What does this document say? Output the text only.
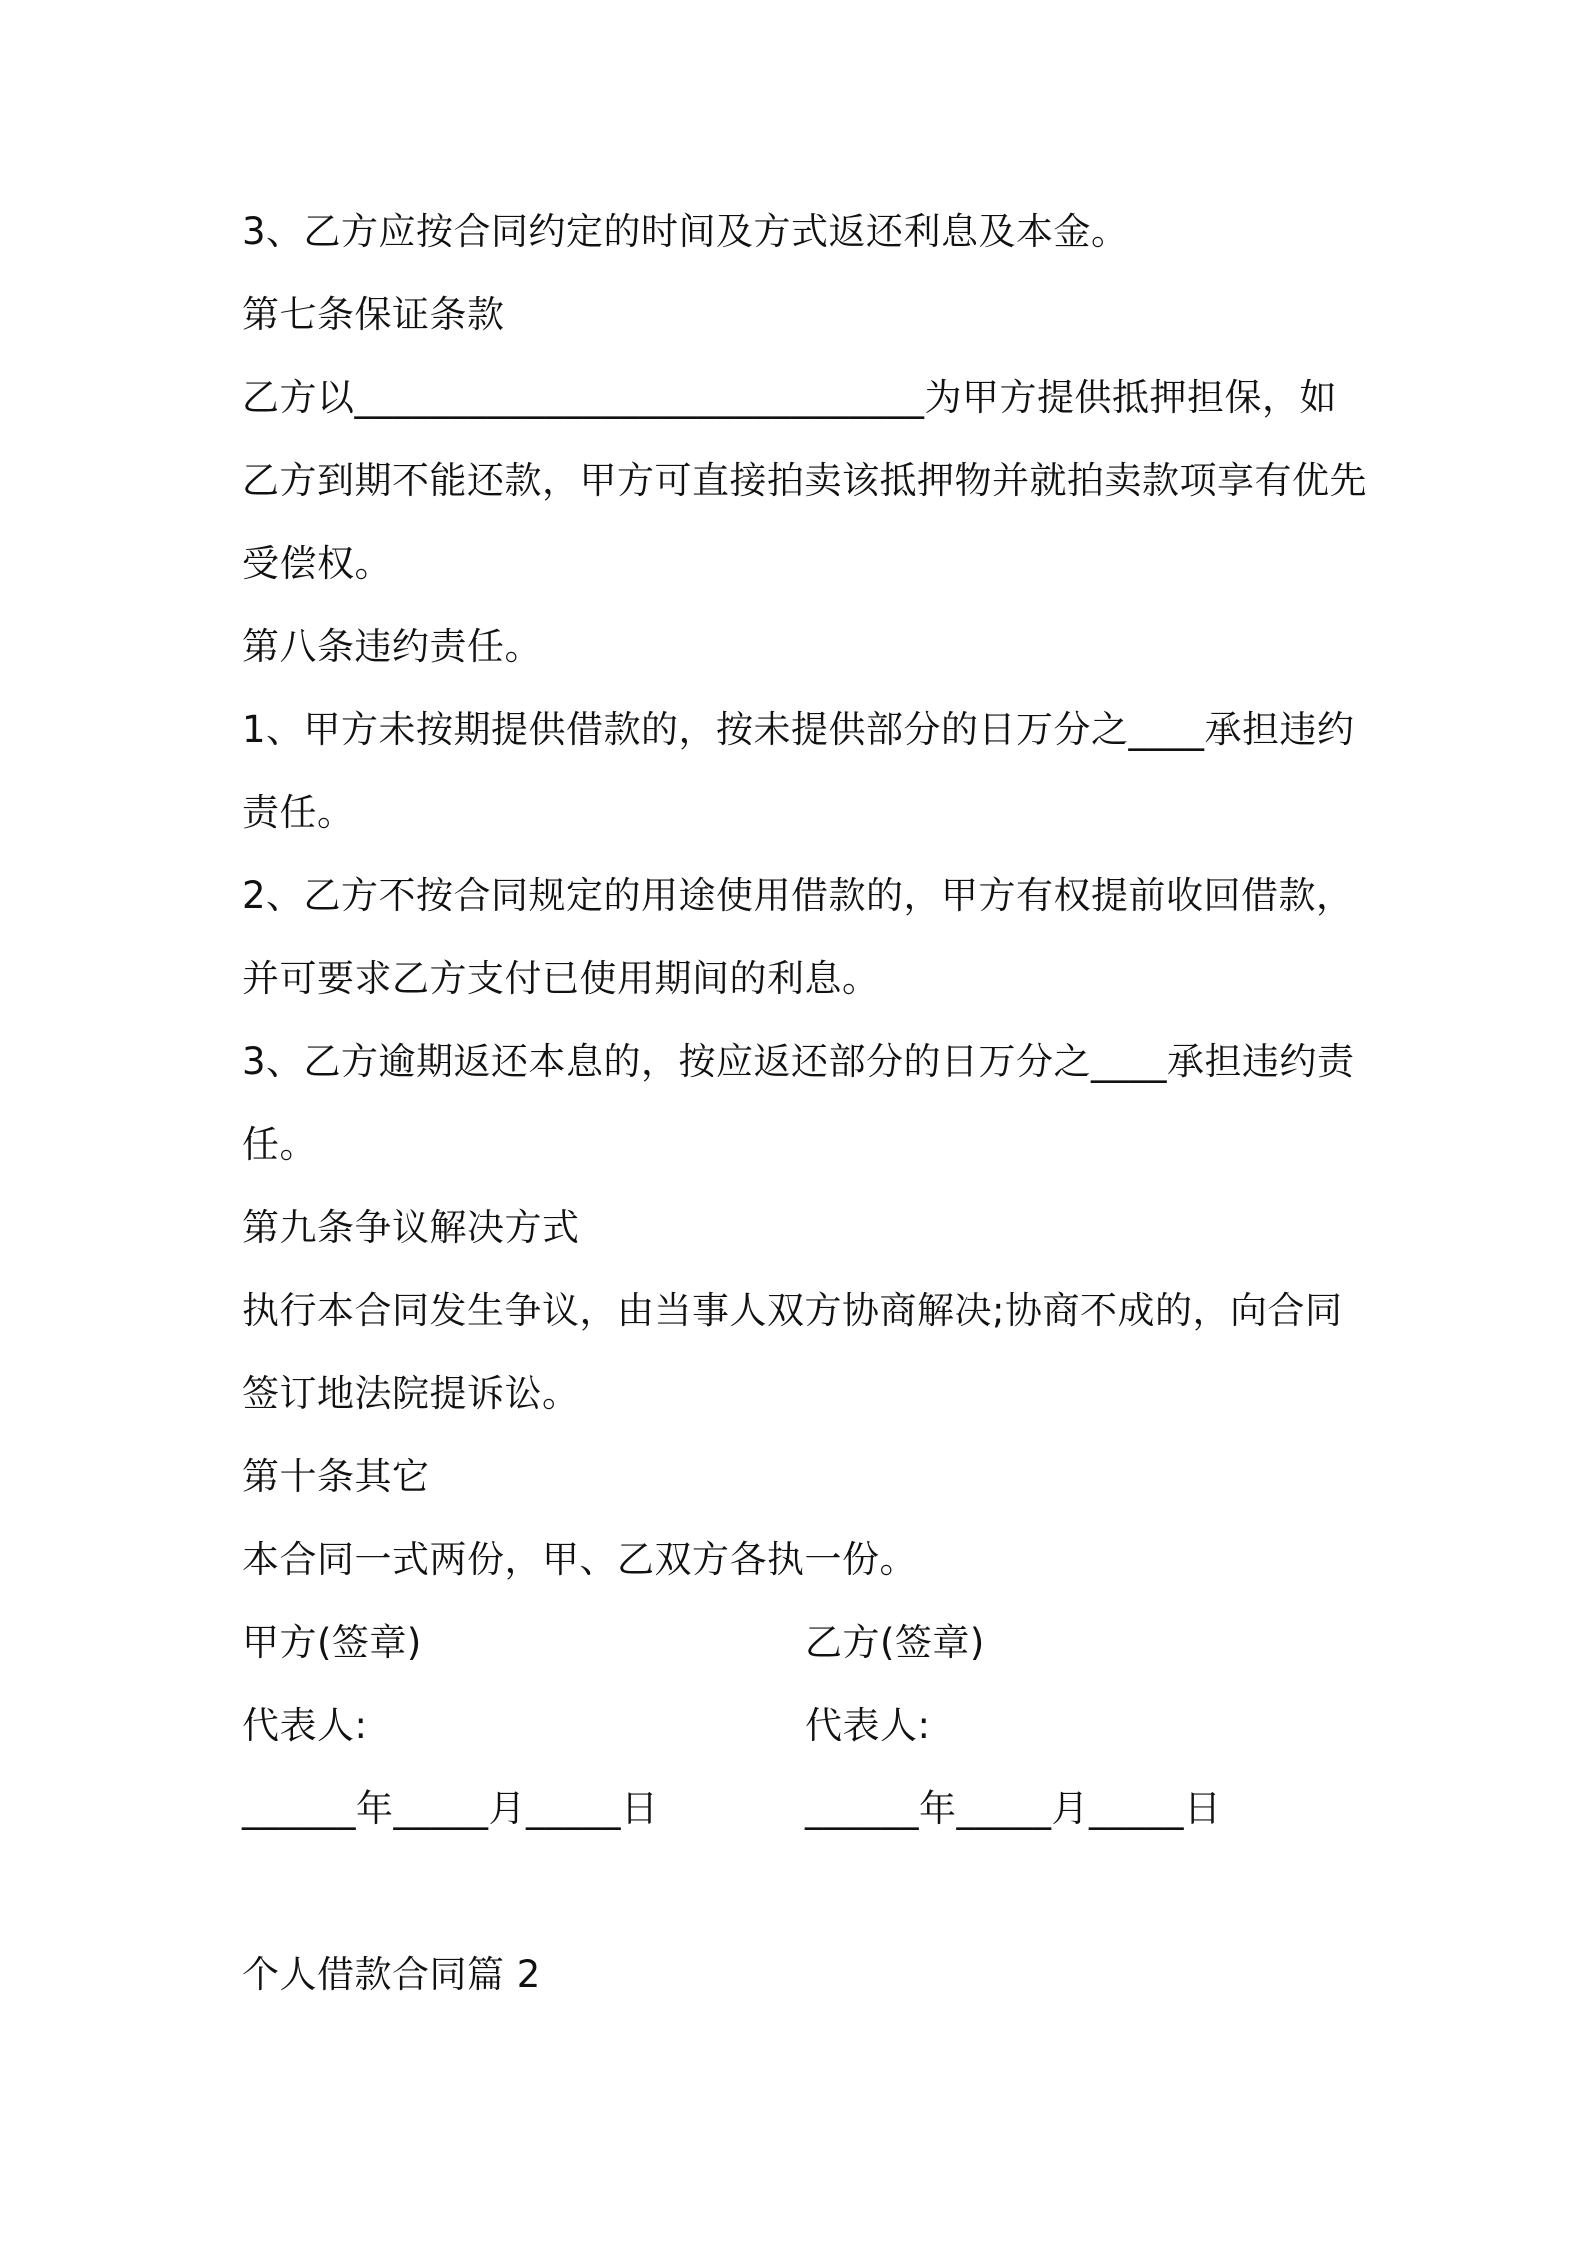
3、乙方应按合同约定的时间及方式返还利息及本金。
第七条保证条款
乙方以______________________________为甲方提供抵押担保，如
乙方到期不能还款，甲方可直接拍卖该抵押物并就拍卖款项享有优先
受偿权。
第八条违约责任。
1、甲方未按期提供借款的，按未提供部分的日万分之____承担违约
责任。
2、乙方不按合同规定的用途使用借款的，甲方有权提前收回借款，
并可要求乙方支付已使用期间的利息。
3、乙方逾期返还本息的，按应返还部分的日万分之____承担违约责
任。
第九条争议解决方式
执行本合同发生争议，由当事人双方协商解决;协商不成的，向合同
签订地法院提诉讼。
第十条其它
本合同一式两份，甲、乙双方各执一份。
甲方(签章)	乙方(签章)
代表人:	代表人:
______年_____月_____日	______年_____月_____日
个人借款合同篇 2
